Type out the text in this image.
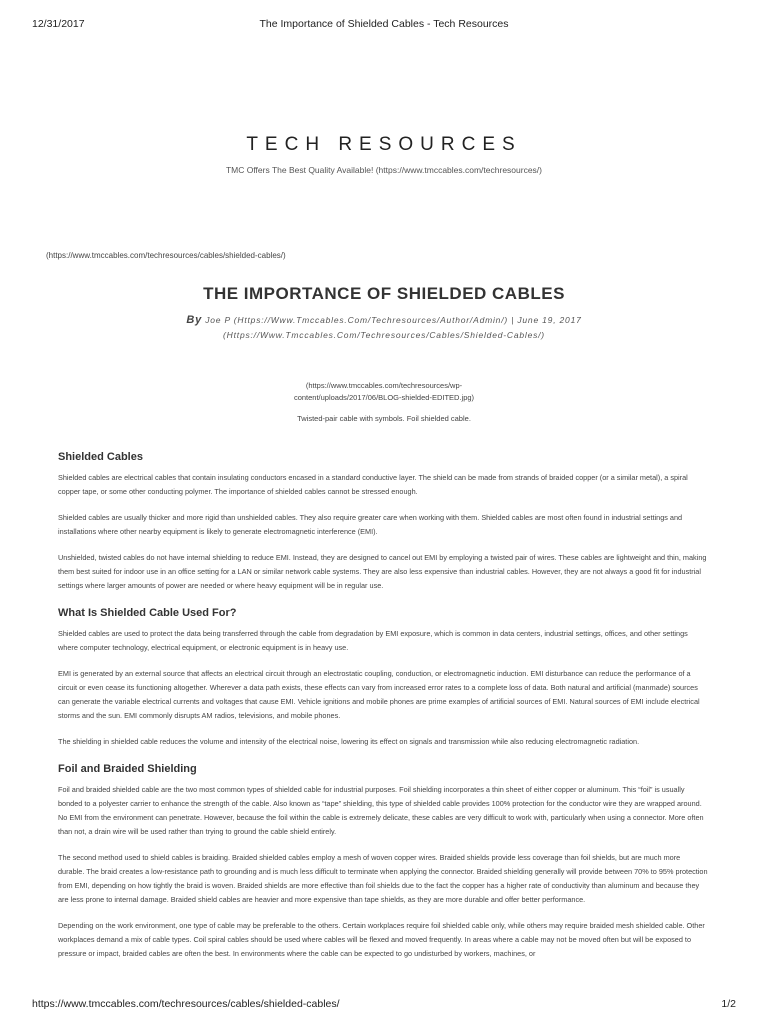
12/31/2017	The Importance of Shielded Cables - Tech Resources
TECH RESOURCES
TMC Offers The Best Quality Available! (https://www.tmccables.com/techresources/)
(https://www.tmccables.com/techresources/cables/shielded-cables/)
THE IMPORTANCE OF SHIELDED CABLES
By Joe P (Https://Www.Tmccables.Com/Techresources/Author/Admin/) | June 19, 2017
(Https://Www.Tmccables.Com/Techresources/Cables/Shielded-Cables/)
(https://www.tmccables.com/techresources/wp-
content/uploads/2017/06/BLOG-shielded-EDITED.jpg)
Twisted-pair cable with symbols. Foil shielded cable.
Shielded Cables

Shielded cables are electrical cables that contain insulating conductors encased in a standard conductive layer. The shield can be made from strands of braided copper (or a similar metal), a spiral copper tape, or some other conducting polymer. The importance of shielded cables cannot be stressed enough.

Shielded cables are usually thicker and more rigid than unshielded cables. They also require greater care when working with them. Shielded cables are most often found in industrial settings and installations where other nearby equipment is likely to generate electromagnetic interference (EMI).

Unshielded, twisted cables do not have internal shielding to reduce EMI. Instead, they are designed to cancel out EMI by employing a twisted pair of wires. These cables are lightweight and thin, making them best suited for indoor use in an office setting for a LAN or similar network cable systems. They are also less expensive than industrial cables. However, they are not always a good fit for industrial settings where larger amounts of power are needed or where heavy equipment will be in regular use.

What Is Shielded Cable Used For?

Shielded cables are used to protect the data being transferred through the cable from degradation by EMI exposure, which is common in data centers, industrial settings, offices, and other settings where computer technology, electrical equipment, or electronic equipment is in heavy use.

EMI is generated by an external source that affects an electrical circuit through an electrostatic coupling, conduction, or electromagnetic induction. EMI disturbance can reduce the performance of a circuit or even cease its functioning altogether. Wherever a data path exists, these effects can vary from increased error rates to a complete loss of data. Both natural and artificial (manmade) sources can generate the variable electrical currents and voltages that cause EMI. Vehicle ignitions and mobile phones are prime examples of artificial sources of EMI. Natural sources of EMI include electrical storms and the sun. EMI commonly disrupts AM radios, televisions, and mobile phones.

The shielding in shielded cable reduces the volume and intensity of the electrical noise, lowering its effect on signals and transmission while also reducing electromagnetic radiation.

Foil and Braided Shielding

Foil and braided shielded cable are the two most common types of shielded cable for industrial purposes. Foil shielding incorporates a thin sheet of either copper or aluminum. This “foil” is usually bonded to a polyester carrier to enhance the strength of the cable. Also known as “tape” shielding, this type of shielded cable provides 100% protection for the conductor wire they are wrapped around. No EMI from the environment can penetrate. However, because the foil within the cable is extremely delicate, these cables are very difficult to work with, particularly when using a connector. More often than not, a drain wire will be used rather than trying to ground the cable shield entirely.

The second method used to shield cables is braiding. Braided shielded cables employ a mesh of woven copper wires. Braided shields provide less coverage than foil shields, but are much more durable. The braid creates a low-resistance path to grounding and is much less difficult to terminate when applying the connector. Braided shielding generally will provide between 70% to 95% protection from EMI, depending on how tightly the braid is woven. Braided shields are more effective than foil shields due to the fact the copper has a higher rate of conductivity than aluminum and because they are less prone to internal damage. Braided shield cables are heavier and more expensive than tape shields, as they are more durable and offer better performance.

Depending on the work environment, one type of cable may be preferable to the others. Certain workplaces require foil shielded cable only, while others may require braided mesh shielded cable. Other workplaces demand a mix of cable types. Coil spiral cables should be used where cables will be flexed and moved frequently. In areas where a cable may not be moved often but will be exposed to pressure or impact, braided cables are often the best. In environments where the cable can be expected to go undisturbed by workers, machines, or

https://www.tmccables.com/techresources/cables/shielded-cables/	1/2
